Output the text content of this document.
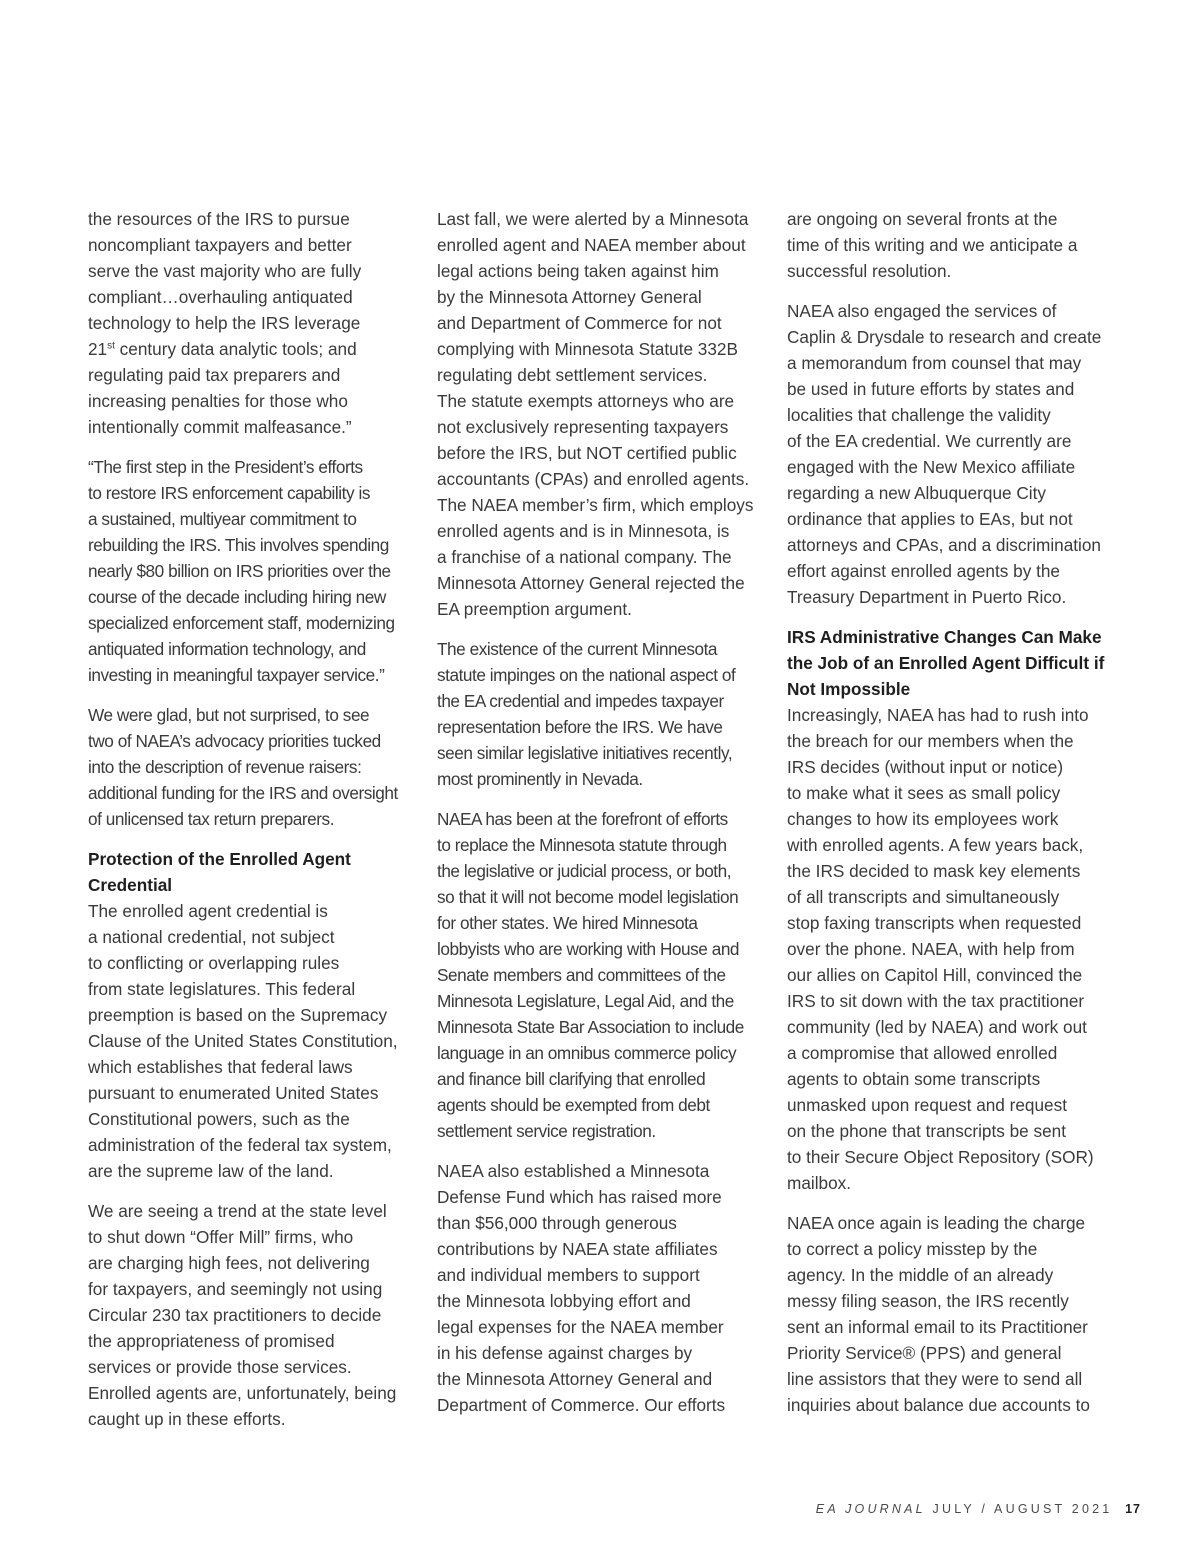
the resources of the IRS to pursue
noncompliant taxpayers and better
serve the vast majority who are fully
compliant…overhauling antiquated
technology to help the IRS leverage
21st century data analytic tools; and
regulating paid tax preparers and
increasing penalties for those who
intentionally commit malfeasance.”

“The first step in the President’s efforts
to restore IRS enforcement capability is
a sustained, multiyear commitment to
rebuilding the IRS. This involves spending
nearly $80 billion on IRS priorities over the
course of the decade including hiring new
specialized enforcement staff, modernizing
antiquated information technology, and
investing in meaningful taxpayer service.”

We were glad, but not surprised, to see
two of NAEA’s advocacy priorities tucked
into the description of revenue raisers:
additional funding for the IRS and oversight
of unlicensed tax return preparers.

Protection of the Enrolled Agent
Credential

The enrolled agent credential is
a national credential, not subject
to conflicting or overlapping rules
from state legislatures. This federal
preemption is based on the Supremacy
Clause of the United States Constitution,
which establishes that federal laws
pursuant to enumerated United States
Constitutional powers, such as the
administration of the federal tax system,
are the supreme law of the land.

We are seeing a trend at the state level
to shut down “Offer Mill” firms, who
are charging high fees, not delivering
for taxpayers, and seemingly not using
Circular 230 tax practitioners to decide
the appropriateness of promised
services or provide those services.
Enrolled agents are, unfortunately, being
caught up in these efforts.

Last fall, we were alerted by a Minnesota
enrolled agent and NAEA member about
legal actions being taken against him
by the Minnesota Attorney General
and Department of Commerce for not
complying with Minnesota Statute 332B
regulating debt settlement services.
The statute exempts attorneys who are
not exclusively representing taxpayers
before the IRS, but NOT certified public
accountants (CPAs) and enrolled agents.
The NAEA member’s firm, which employs
enrolled agents and is in Minnesota, is
a franchise of a national company. The
Minnesota Attorney General rejected the
EA preemption argument.

The existence of the current Minnesota
statute impinges on the national aspect of
the EA credential and impedes taxpayer
representation before the IRS. We have
seen similar legislative initiatives recently,
most prominently in Nevada.

NAEA has been at the forefront of efforts
to replace the Minnesota statute through
the legislative or judicial process, or both,
so that it will not become model legislation
for other states. We hired Minnesota
lobbyists who are working with House and
Senate members and committees of the
Minnesota Legislature, Legal Aid, and the
Minnesota State Bar Association to include
language in an omnibus commerce policy
and finance bill clarifying that enrolled
agents should be exempted from debt
settlement service registration.

NAEA also established a Minnesota
Defense Fund which has raised more
than $56,000 through generous
contributions by NAEA state affiliates
and individual members to support
the Minnesota lobbying effort and
legal expenses for the NAEA member
in his defense against charges by
the Minnesota Attorney General and
Department of Commerce. Our efforts

are ongoing on several fronts at the
time of this writing and we anticipate a
successful resolution.

NAEA also engaged the services of
Caplin & Drysdale to research and create
a memorandum from counsel that may
be used in future efforts by states and
localities that challenge the validity
of the EA credential. We currently are
engaged with the New Mexico affiliate
regarding a new Albuquerque City
ordinance that applies to EAs, but not
attorneys and CPAs, and a discrimination
effort against enrolled agents by the
Treasury Department in Puerto Rico.

IRS Administrative Changes Can Make
the Job of an Enrolled Agent Difficult if
Not Impossible

Increasingly, NAEA has had to rush into
the breach for our members when the
IRS decides (without input or notice)
to make what it sees as small policy
changes to how its employees work
with enrolled agents. A few years back,
the IRS decided to mask key elements
of all transcripts and simultaneously
stop faxing transcripts when requested
over the phone. NAEA, with help from
our allies on Capitol Hill, convinced the
IRS to sit down with the tax practitioner
community (led by NAEA) and work out
a compromise that allowed enrolled
agents to obtain some transcripts
unmasked upon request and request
on the phone that transcripts be sent
to their Secure Object Repository (SOR)
mailbox.

NAEA once again is leading the charge
to correct a policy misstep by the
agency. In the middle of an already
messy filing season, the IRS recently
sent an informal email to its Practitioner
Priority Service® (PPS) and general
line assistors that they were to send all
inquiries about balance due accounts to

EA JOURNAL JULY / AUGUST 2021 17
